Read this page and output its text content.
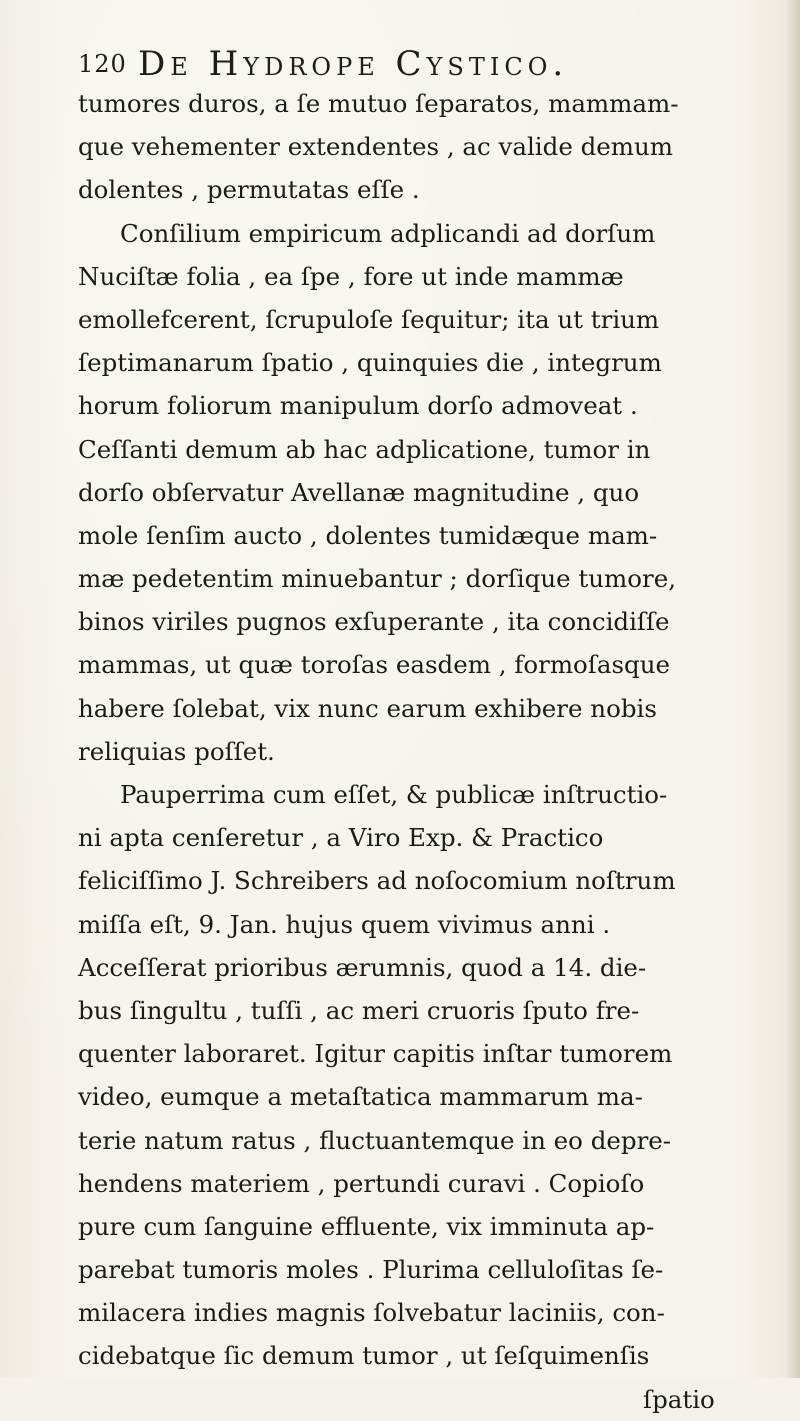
120 De Hydrope Cystico.
tumores duros, a ſe mutuo ſeparatos, mammam-
que vehementer extendentes , ac valide demum
dolentes , permutatas eſſe .
Conſilium empiricum adplicandi ad dorſum
Nuciſtæ folia , ea ſpe , fore ut inde mammæ
emollefcerent, ſcrupuloſe ſequitur; ita ut trium
ſeptimanarum ſpatio , quinquies die , integrum
horum foliorum manipulum dorſo admoveat .
Ceſſanti demum ab hac adplicatione, tumor in
dorſo obſervatur Avellanæ magnitudine , quo
mole ſenſim aucto , dolentes tumidæque mam-
mæ pedetentim minuebantur ; dorſique tumore,
binos viriles pugnos exſuperante , ita concidiſſe
mammas, ut quæ toroſas easdem , formoſasque
habere ſolebat, vix nunc earum exhibere nobis
reliquias poſſet.
Pauperrima cum eſſet, & publicæ inſtructio-
ni apta cenſeretur , a Viro Exp. & Practico
feliciſſimo J. Schreibers ad noſocomium noſtrum
miſſa eſt, 9. Jan. hujus quem vivimus anni .
Acceſſerat prioribus ærumnis, quod a 14. die-
bus ſingultu , tuſſi , ac meri cruoris ſputo fre-
quenter laboraret. Igitur capitis inſtar tumorem
video, eumque a metaſtatica mammarum ma-
terie natum ratus , fluctuantemque in eo depre-
hendens materiem , pertundi curavi . Copioſo
pure cum ſanguine effluente, vix imminuta ap-
parebat tumoris moles . Plurima celluloſitas ſe-
milacera indies magnis ſolvebatur laciniis, con-
cidebatque ſic demum tumor , ut ſeſquimenſis
ſpatio
